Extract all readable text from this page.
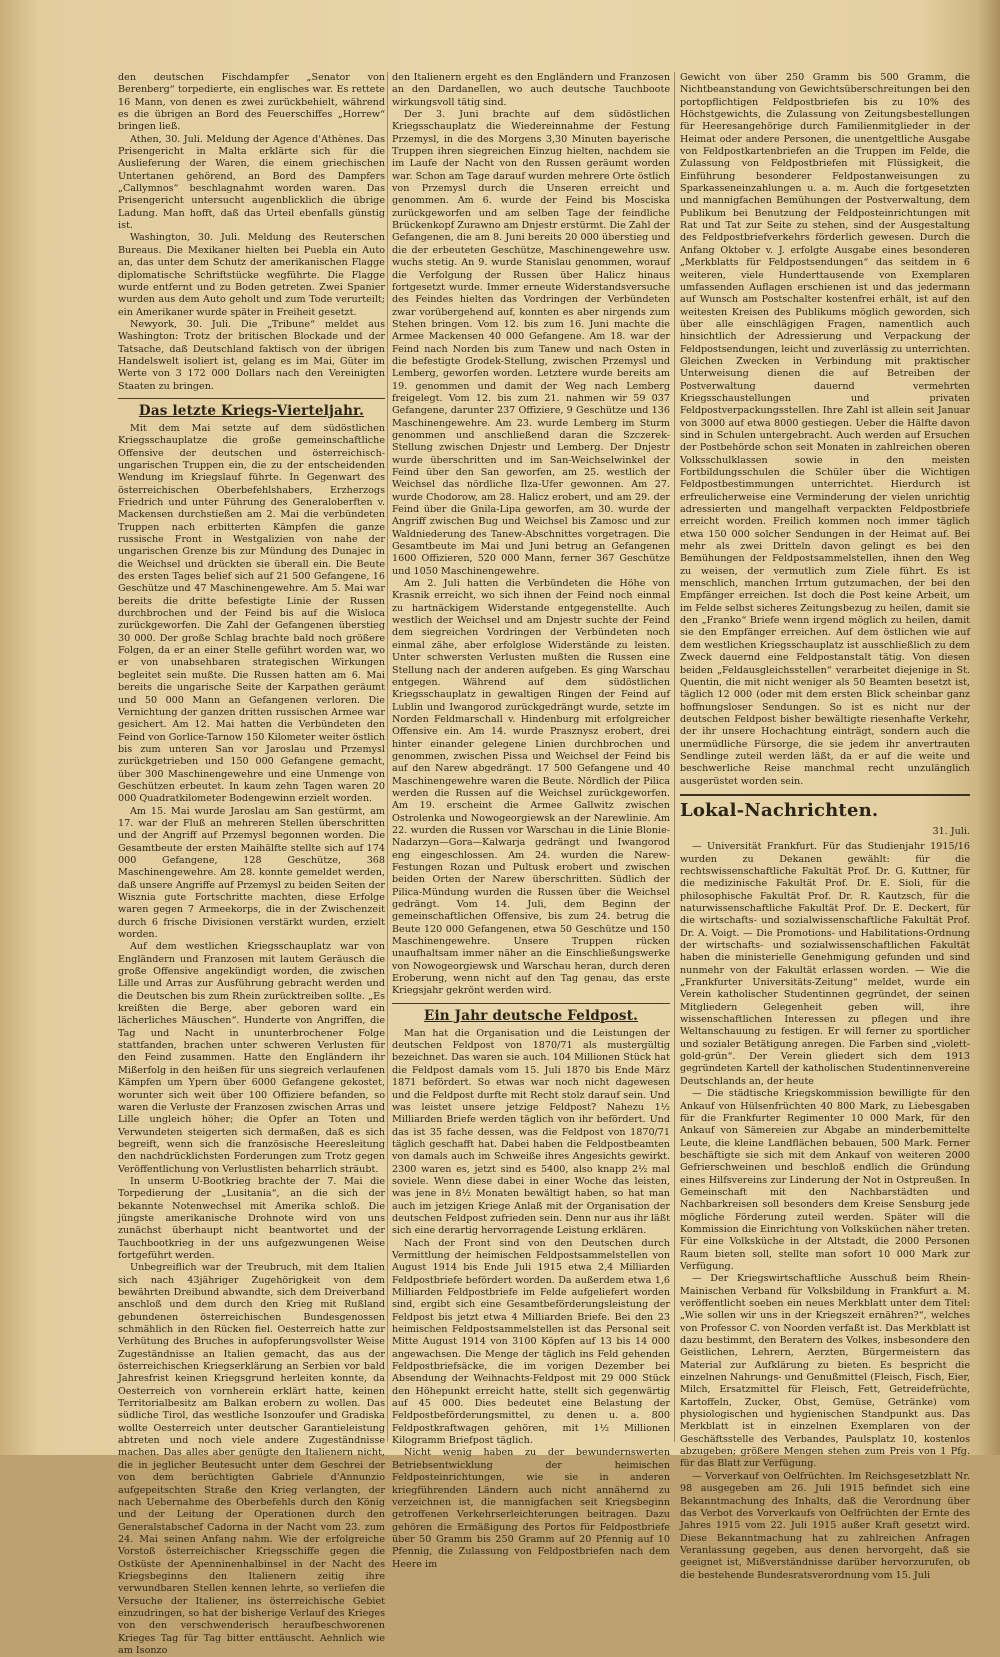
den deutschen Fischdampfer „Senator von Berenberg“ torpedierte, ein englisches war. Es rettete 16 Mann, von denen es zwei zurückbehielt, während es die übrigen an Bord des Feuerschiffes „Horrew“ bringen ließ.

Athen, 30. Juli. Meldung der Agence d'Athènes. Das Prisengericht in Malta erklärte sich für die Auslieferung der Waren, die einem griechischen Untertanen gehörend, an Bord des Dampfers „Callymnos“ beschlagnahmt worden waren. Das Prisengericht untersucht augenblicklich die übrige Ladung. Man hofft, daß das Urteil ebenfalls günstig ist.

Washington, 30. Juli. Meldung des Reuterschen Bureaus. Die Mexikaner hielten bei Puebla ein Auto an, das unter dem Schutz der amerikanischen Flagge diplomatische Schriftstücke wegführte. Die Flagge wurde entfernt und zu Boden getreten. Zwei Spanier wurden aus dem Auto geholt und zum Tode verurteilt; ein Amerikaner wurde später in Freiheit gesetzt.

Newyork, 30. Juli. Die „Tribune“ meldet aus Washington: Trotz der britischen Blockade und der Tatsache, daß Deutschland faktisch von der übrigen Handelswelt isoliert ist, gelang es im Mai, Güter im Werte von 3 172 000 Dollars nach den Vereinigten Staaten zu bringen.

Das letzte Kriegs-Vierteljahr.

Mit dem Mai setzte auf dem südöstlichen Kriegsschauplatze die große gemeinschaftliche Offensive der deutschen und österreichisch-ungarischen Truppen ein, die zu der entscheidenden Wendung im Kriegslauf führte. In Gegenwart des österreichischen Oberbefehlshabers, Erzherzogs Friedrich und unter Führung des Generaloberften v. Mackensen durchstießen am 2. Mai die verbündeten Truppen nach erbitterten Kämpfen die ganze russische Front in Westgalizien von nahe der ungarischen Grenze bis zur Mündung des Dunajec in die Weichsel und drückten sie überall ein. Die Beute des ersten Tages belief sich auf 21 500 Gefangene, 16 Geschütze und 47 Maschinengewehre. Am 5. Mai war bereits die dritte befestigte Linie der Russen durchbrochen und der Feind bis auf die Wisloca zurückgeworfen. Die Zahl der Gefangenen überstieg 30 000. Der große Schlag brachte bald noch größere Folgen, da er an einer Stelle geführt worden war, wo er von unabsehbaren strategischen Wirkungen begleitet sein mußte. Die Russen hatten am 6. Mai bereits die ungarische Seite der Karpathen geräumt und 50 000 Mann an Gefangenen verloren. Die Vernichtung der ganzen dritten russischen Armee war gesichert. Am 12. Mai hatten die Verbündeten den Feind von Gorlice-Tarnow 150 Kilometer weiter östlich bis zum unteren San vor Jaroslau und Przemysl zurückgetrieben und 150 000 Gefangene gemacht, über 300 Maschinengewehre und eine Unmenge von Geschützen erbeutet. In kaum zehn Tagen waren 20 000 Quadratkilometer Bodengewinn erzielt worden.

Am 15. Mai wurde Jaroslau am San gestürmt, am 17. war der Fluß an mehreren Stellen überschritten und der Angriff auf Przemysl begonnen worden. Die Gesamtbeute der ersten Maihälfte stellte sich auf 174 000 Gefangene, 128 Geschütze, 368 Maschinengewehre. Am 28. konnte gemeldet werden, daß unsere Angriffe auf Przemysl zu beiden Seiten der Wisznia gute Fortschritte machten, diese Erfolge waren gegen 7 Armeekorps, die in der Zwischenzeit durch 6 frische Divisionen verstärkt wurden, erzielt worden.

Auf dem westlichen Kriegsschauplatz war von Engländern und Franzosen mit lautem Geräusch die große Offensive angekündigt worden, die zwischen Lille und Arras zur Ausführung gebracht werden und die Deutschen bis zum Rhein zurücktreiben sollte. „Es kreißten die Berge, aber geboren ward ein lächerliches Mäuschen“. Hunderte von Angriffen, die Tag und Nacht in ununterbrochener Folge stattfanden, brachen unter schweren Verlusten für den Feind zusammen. Hatte den Engländern ihr Mißerfolg in den heißen für uns siegreich verlaufenen Kämpfen um Ypern über 6000 Gefangene gekostet, worunter sich weit über 100 Offiziere befanden, so waren die Verluste der Franzosen zwischen Arras und Lille ungleich höher; die Opfer an Toten und Verwundeten steigerten sich dermaßen, daß es sich begreift, wenn sich die französische Heeresleitung den nachdrücklichsten Forderungen zum Trotz gegen Veröffentlichung von Verlustlisten beharrlich sträubt.

In unserm U-Bootkrieg brachte der 7. Mai die Torpedierung der „Lusitania“, an die sich der bekannte Notenwechsel mit Amerika schloß. Die jüngste amerikanische Drohnote wird von uns zunächst überhaupt nicht beantwortet und der Tauchbootkrieg in der uns aufgezwungenen Weise fortgeführt werden.

Unbegreiflich war der Treubruch, mit dem Italien sich nach 43jähriger Zugehörigkeit von dem bewährten Dreibund abwandte, sich dem Dreiverband anschloß und dem durch den Krieg mit Rußland gebundenen österreichischen Bundesgenossen schmählich in den Rücken fiel. Oesterreich hatte zur Verhütung des Bruches in aufopferungsvollster Weise Zugeständnisse an Italien gemacht, das aus der österreichischen Kriegserklärung an Serbien vor bald Jahresfrist keinen Kriegsgrund herleiten konnte, da Oesterreich von vornherein erklärt hatte, keinen Territorialbesitz am Balkan erobern zu wollen. Das südliche Tirol, das westliche Isonzoufer und Gradiska wollte Oesterreich unter deutscher Garantieleistung abtreten und noch viele andere Zugeständnisse machen. Das alles aber genügte den Italienern nicht, die in jeglicher Beutesucht unter dem Geschrei der von dem berüchtigten Gabriele d'Annunzio aufgepeitschten Straße den Krieg verlangten, der nach Uebernahme des Oberbefehls durch den König und der Leitung der Operationen durch den Generalstabschef Cadorna in der Nacht vom 23. zum 24. Mai seinen Anfang nahm. Wie der erfolgreiche Vorstoß österreichischer Kriegsschiffe gegen die Ostküste der Apenninenhalbinsel in der Nacht des Kriegsbeginns den Italienern zeitig ihre verwundbaren Stellen kennen lehrte, so verliefen die Versuche der Italiener, ins österreichische Gebiet einzudringen, so hat der bisherige Verlauf des Krieges von den verschwenderisch heraufbeschworenen Krieges Tag für Tag bitter enttäuscht. Aehnlich wie am Isonzo

den Italienern ergeht es den Engländern und Franzosen an den Dardanellen, wo auch deutsche Tauchboote wirkungsvoll tätig sind.

Der 3. Juni brachte auf dem südöstlichen Kriegsschauplatz die Wiedereinnahme der Festung Przemysl, in die des Morgens 3,30 Minuten bayerische Truppen ihren siegreichen Einzug hielten, nachdem sie im Laufe der Nacht von den Russen geräumt worden war. Schon am Tage darauf wurden mehrere Orte östlich von Przemysl durch die Unseren erreicht und genommen. Am 6. wurde der Feind bis Mosciska zurückgeworfen und am selben Tage der feindliche Brückenkopf Zurawno am Dnjestr erstürmt. Die Zahl der Gefangenen, die am 8. Juni bereits 20 000 überstieg und die der erbeuteten Geschütze, Maschinengewehre usw. wuchs stetig. An 9. wurde Stanislau genommen, worauf die Verfolgung der Russen über Halicz hinaus fortgesetzt wurde. Immer erneute Widerstandsversuche des Feindes hielten das Vordringen der Verbündeten zwar vorübergehend auf, konnten es aber nirgends zum Stehen bringen. Vom 12. bis zum 16. Juni machte die Armee Mackensen 40 000 Gefangene. Am 18. war der Feind nach Norden bis zum Tanew und nach Osten in die befestigte Grodek-Stellung, zwischen Przemysl und Lemberg, geworfen worden. Letztere wurde bereits am 19. genommen und damit der Weg nach Lemberg freigelegt. Vom 12. bis zum 21. nahmen wir 59 037 Gefangene, darunter 237 Offiziere, 9 Geschütze und 136 Maschinengewehre. Am 23. wurde Lemberg im Sturm genommen und anschließend daran die Szczerek-Stellung zwischen Dnjestr und Lemberg. Der Dnjestr wurde überschritten und im San-Weichselwinkel der Feind über den San geworfen, am 25. westlich der Weichsel das nördliche Ilza-Ufer gewonnen. Am 27. wurde Chodorow, am 28. Halicz erobert, und am 29. der Feind über die Gnila-Lipa geworfen, am 30. wurde der Angriff zwischen Bug und Weichsel bis Zamosc und zur Waldniederung des Tanew-Abschnittes vorgetragen. Die Gesamtbeute im Mai und Juni betrug an Gefangenen 1600 Offizieren, 520 000 Mann, ferner 367 Geschütze und 1050 Maschinengewehre.

Am 2. Juli hatten die Verbündeten die Höhe von Krasnik erreicht, wo sich ihnen der Feind noch einmal zu hartnäckigem Widerstande entgegenstellte. Auch westlich der Weichsel und am Dnjestr suchte der Feind dem siegreichen Vordringen der Verbündeten noch einmal zähe, aber erfolglose Widerstände zu leisten. Unter schwersten Verlusten mußten die Russen eine Stellung nach der anderen aufgeben. Es ging Warschau entgegen. Während auf dem südöstlichen Kriegsschauplatz in gewaltigen Ringen der Feind auf Lublin und Iwangorod zurückgedrängt wurde, setzte im Norden Feldmarschall v. Hindenburg mit erfolgreicher Offensive ein. Am 14. wurde Prasznysz erobert, drei hinter einander gelegene Linien durchbrochen und genommen, zwischen Pissa und Weichsel der Feind bis auf den Narew abgedrängt. 17 500 Gefangene und 40 Maschinengewehre waren die Beute. Nördlich der Pilica werden die Russen auf die Weichsel zurückgeworfen. Am 19. erscheint die Armee Gallwitz zwischen Ostrolenka und Nowogeorgiewsk an der Narewlinie. Am 22. wurden die Russen vor Warschau in die Linie Blonie-Nadarzyn—Gora—Kalwarja gedrängt und Iwangorod eng eingeschlossen. Am 24. wurden die Narew-Festungen Rozan und Pultusk erobert und zwischen beiden Orten der Narew überschritten. Südlich der Pilica-Mündung wurden die Russen über die Weichsel gedrängt. Vom 14. Juli, dem Beginn der gemeinschaftlichen Offensive, bis zum 24. betrug die Beute 120 000 Gefangenen, etwa 50 Geschütze und 150 Maschinengewehre. Unsere Truppen rücken unaufhaltsam immer näher an die Einschließungswerke von Nowogeorgiewsk und Warschau heran, durch deren Eroberung, wenn nicht auf den Tag genau, das erste Kriegsjahr gekrönt werden wird.

Ein Jahr deutsche Feldpost.

Man hat die Organisation und die Leistungen der deutschen Feldpost von 1870/71 als mustergültig bezeichnet. Das waren sie auch. 104 Millionen Stück hat die Feldpost damals vom 15. Juli 1870 bis Ende März 1871 befördert. So etwas war noch nicht dagewesen und die Feldpost durfte mit Recht stolz darauf sein. Und was leistet unsere jetzige Feldpost? Nahezu 1½ Milliarden Briefe werden täglich von ihr befördert. Und das ist 35 fache dessen, was die Feldpost von 1870/71 täglich geschafft hat. Dabei haben die Feldpostbeamten von damals auch im Schweiße ihres Angesichts gewirkt. 2300 waren es, jetzt sind es 5400, also knapp 2½ mal soviele. Wenn diese dabei in einer Woche das leisten, was jene in 8½ Monaten bewältigt haben, so hat man auch im jetzigen Kriege Anlaß mit der Organisation der deutschen Feldpost zufrieden sein. Denn nur aus ihr läßt sich eine derartig hervorragende Leistung erklären.

Nach der Front sind von den Deutschen durch Vermittlung der heimischen Feldpostsammelstellen von August 1914 bis Ende Juli 1915 etwa 2,4 Milliarden Feldpostbriefe befördert worden. Da außerdem etwa 1,6 Milliarden Feldpostbriefe im Felde aufgeliefert worden sind, ergibt sich eine Gesamtbeförderungsleistung der Feldpost bis jetzt etwa 4 Milliarden Briefe. Bei den 23 heimischen Feldpostsammelstellen ist das Personal seit Mitte August 1914 von 3100 Köpfen auf 13 bis 14 000 angewachsen. Die Menge der täglich ins Feld gehenden Feldpostbriefsäcke, die im vorigen Dezember bei Absendung der Weihnachts-Feldpost mit 29 000 Stück den Höhepunkt erreicht hatte, stellt sich gegenwärtig auf 45 000. Dies bedeutet eine Belastung der Feldpostbeförderungsmittel, zu denen u. a. 800 Feldpostkraftwagen gehören, mit 1½ Millionen Kilogramm Briefpost täglich.

Nicht wenig haben zu der bewundernswerten Betriebsentwicklung der heimischen Feldposteinrichtungen, wie sie in anderen kriegführenden Ländern auch nicht annähernd zu verzeichnen ist, die mannigfachen seit Kriegsbeginn getroffenen Verkehrserleichterungen beitragen. Dazu gehören die Ermäßigung des Portos für Feldpostbriefe über 50 Gramm bis 250 Gramm auf 20 Pfennig auf 10 Pfennig, die Zulassung von Feldpostbriefen nach dem Heere im

Gewicht von über 250 Gramm bis 500 Gramm, die Nichtbeanstandung von Gewichtsüberschreitungen bei den portopflichtigen Feldpostbriefen bis zu 10% des Höchstgewichts, die Zulassung von Zeitungsbestellungen für Heeresangehörige durch Familienmitglieder in der Heimat oder andere Personen, die unentgeltliche Ausgabe von Feldpostkartenbriefen an die Truppen im Felde, die Zulassung von Feldpostbriefen mit Flüssigkeit, die Einführung besonderer Feldpostanweisungen zu Sparkasseneinzahlungen u. a. m. Auch die fortgesetzten und mannigfachen Bemühungen der Postverwaltung, dem Publikum bei Benutzung der Feldposteinrichtungen mit Rat und Tat zur Seite zu stehen, sind der Ausgestaltung des Feldpostbriefverkehrs förderlich gewesen. Durch die Anfang Oktober v. J. erfolgte Ausgabe eines besonderen „Merkblatts für Feldpostsendungen“ das seitdem in 6 weiteren, viele Hunderttausende von Exemplaren umfassenden Auflagen erschienen ist und das jedermann auf Wunsch am Postschalter kostenfrei erhält, ist auf den weitesten Kreisen des Publikums möglich geworden, sich über alle einschlägigen Fragen, namentlich auch hinsichtlich der Adressierung und Verpackung der Feldpostsendungen, leicht und zuverlässig zu unterrichten. Gleichen Zwecken in Verbindung mit praktischer Unterweisung dienen die auf Betreiben der Postverwaltung dauernd vermehrten Kriegsschaustellungen und privaten Feldpostverpackungsstellen. Ihre Zahl ist allein seit Januar von 3000 auf etwa 8000 gestiegen. Ueber die Hälfte davon sind in Schulen untergebracht. Auch werden auf Ersuchen der Postbehörde schon seit Monaten in zahlreichen oberen Volksschulklassen sowie in den meisten Fortbildungsschulen die Schüler über die Wichtigen Feldpostbestimmungen unterrichtet. Hierdurch ist erfreulicherweise eine Verminderung der vielen unrichtig adressierten und mangelhaft verpackten Feldpostbriefe erreicht worden. Freilich kommen noch immer täglich etwa 150 000 solcher Sendungen in der Heimat auf. Bei mehr als zwei Dritteln davon gelingt es bei den Bemühungen der Feldpostsammelstellen, ihnen den Weg zu weisen, der vermutlich zum Ziele führt. Es ist menschlich, manchen Irrtum gutzumachen, der bei den Empfänger erreichen. Ist doch die Post keine Arbeit, um im Felde selbst sicheres Zeitungsbezug zu heilen, damit sie den „Franko“ Briefe wenn irgend möglich zu heilen, damit sie den Empfänger erreichen. Auf dem östlichen wie auf dem westlichen Kriegsschauplatz ist ausschließlich zu dem Zweck dauernd eine Feldpostanstalt tätig. Von diesen beiden „Feldausgleichsstellen“ verarbeitet diejenige in St. Quentin, die mit nicht weniger als 50 Beamten besetzt ist, täglich 12 000 (oder mit dem ersten Blick scheinbar ganz hoffnungsloser Sendungen. So ist es nicht nur der deutschen Feldpost bisher bewältigte riesenhafte Verkehr, der ihr unsere Hochachtung einträgt, sondern auch die unermüdliche Fürsorge, die sie jedem ihr anvertrauten Sendlinge zuteil werden läßt, da er auf die weite und beschwerliche Reise manchmal recht unzulänglich ausgerüstet worden sein.

Lokal-Nachrichten.

31. Juli.

— Universität Frankfurt. Für das Studienjahr 1915/16 wurden zu Dekanen gewählt: für die rechtswissenschaftliche Fakultät Prof. Dr. G. Kuttner, für die medizinische Fakultät Prof. Dr. E. Sioli, für die philosophische Fakultät Prof. Dr. R. Kautzsch, für die naturwissenschaftliche Fakultät Prof. Dr. E. Deckert, für die wirtschafts- und sozialwissenschaftliche Fakultät Prof. Dr. A. Voigt. — Die Promotions- und Habilitations-Ordnung der wirtschafts- und sozialwissenschaftlichen Fakultät haben die ministerielle Genehmigung gefunden und sind nunmehr von der Fakultät erlassen worden. — Wie die „Frankfurter Universitäts-Zeitung“ meldet, wurde ein Verein katholischer Studentinnen gegründet, der seinen Mitgliedern Gelegenheit geben will, ihre wissenschaftlichen Interessen zu pflegen und ihre Weltanschauung zu festigen. Er will ferner zu sportlicher und sozialer Betätigung anregen. Die Farben sind „violett-gold-grün“. Der Verein gliedert sich dem 1913 gegründeten Kartell der katholischen Studentinnenvereine Deutschlands an, der heute

— Die städtische Kriegskommission bewilligte für den Ankauf von Hülsenfrüchten 40 800 Mark, zu Liebesgaben für die Frankfurter Regimenter 10 000 Mark, für den Ankauf von Sämereien zur Abgabe an minderbemittelte Leute, die kleine Landflächen bebauen, 500 Mark. Ferner beschäftigte sie sich mit dem Ankauf von weiteren 2000 Gefrierschweinen und beschloß endlich die Gründung eines Hilfsvereins zur Linderung der Not in Ostpreußen. In Gemeinschaft mit den Nachbarstädten und Nachbarkreisen soll besonders dem Kreise Sensburg jede mögliche Förderung zuteil werden. Später will die Kommission die Einrichtung von Volksküchen näher treten. Für eine Volksküche in der Altstadt, die 2000 Personen Raum bieten soll, stellte man sofort 10 000 Mark zur Verfügung.

— Der Kriegswirtschaftliche Ausschuß beim Rhein-Mainischen Verband für Volksbildung in Frankfurt a. M. veröffentlicht soeben ein neues Merkblatt unter dem Titel: „Wie sollen wir uns in der Kriegszeit ernähren?“, welches von Professor C. von Noorden verfaßt ist. Das Merkblatt ist dazu bestimmt, den Beratern des Volkes, insbesondere den Geistlichen, Lehrern, Aerzten, Bürgermeistern das Material zur Aufklärung zu bieten. Es bespricht die einzelnen Nahrungs- und Genußmittel (Fleisch, Fisch, Eier, Milch, Ersatzmittel für Fleisch, Fett, Getreidefrüchte, Kartoffeln, Zucker, Obst, Gemüse, Getränke) vom physiologischen und hygienischen Standpunkt aus. Das Merkblatt ist in einzelnen Exemplaren von der Geschäftsstelle des Verbandes, Paulsplatz 10, kostenlos abzugeben; größere Mengen stehen zum Preis von 1 Pfg. für das Blatt zur Verfügung.

— Vorverkauf von Oelfrüchten. Im Reichsgesetzblatt Nr. 98 ausgegeben am 26. Juli 1915 befindet sich eine Bekanntmachung des Inhalts, daß die Verordnung über das Verbot des Vorverkaufs von Oelfrüchten der Ernte des Jahres 1915 vom 22. Juli 1915 außer Kraft gesetzt wird. Diese Bekanntmachung hat zu zahlreichen Anfragen Veranlassung gegeben, aus denen hervorgeht, daß sie geeignet ist, Mißverständnisse darüber hervorzurufen, ob die bestehende Bundesratsverordnung vom 15. Juli
